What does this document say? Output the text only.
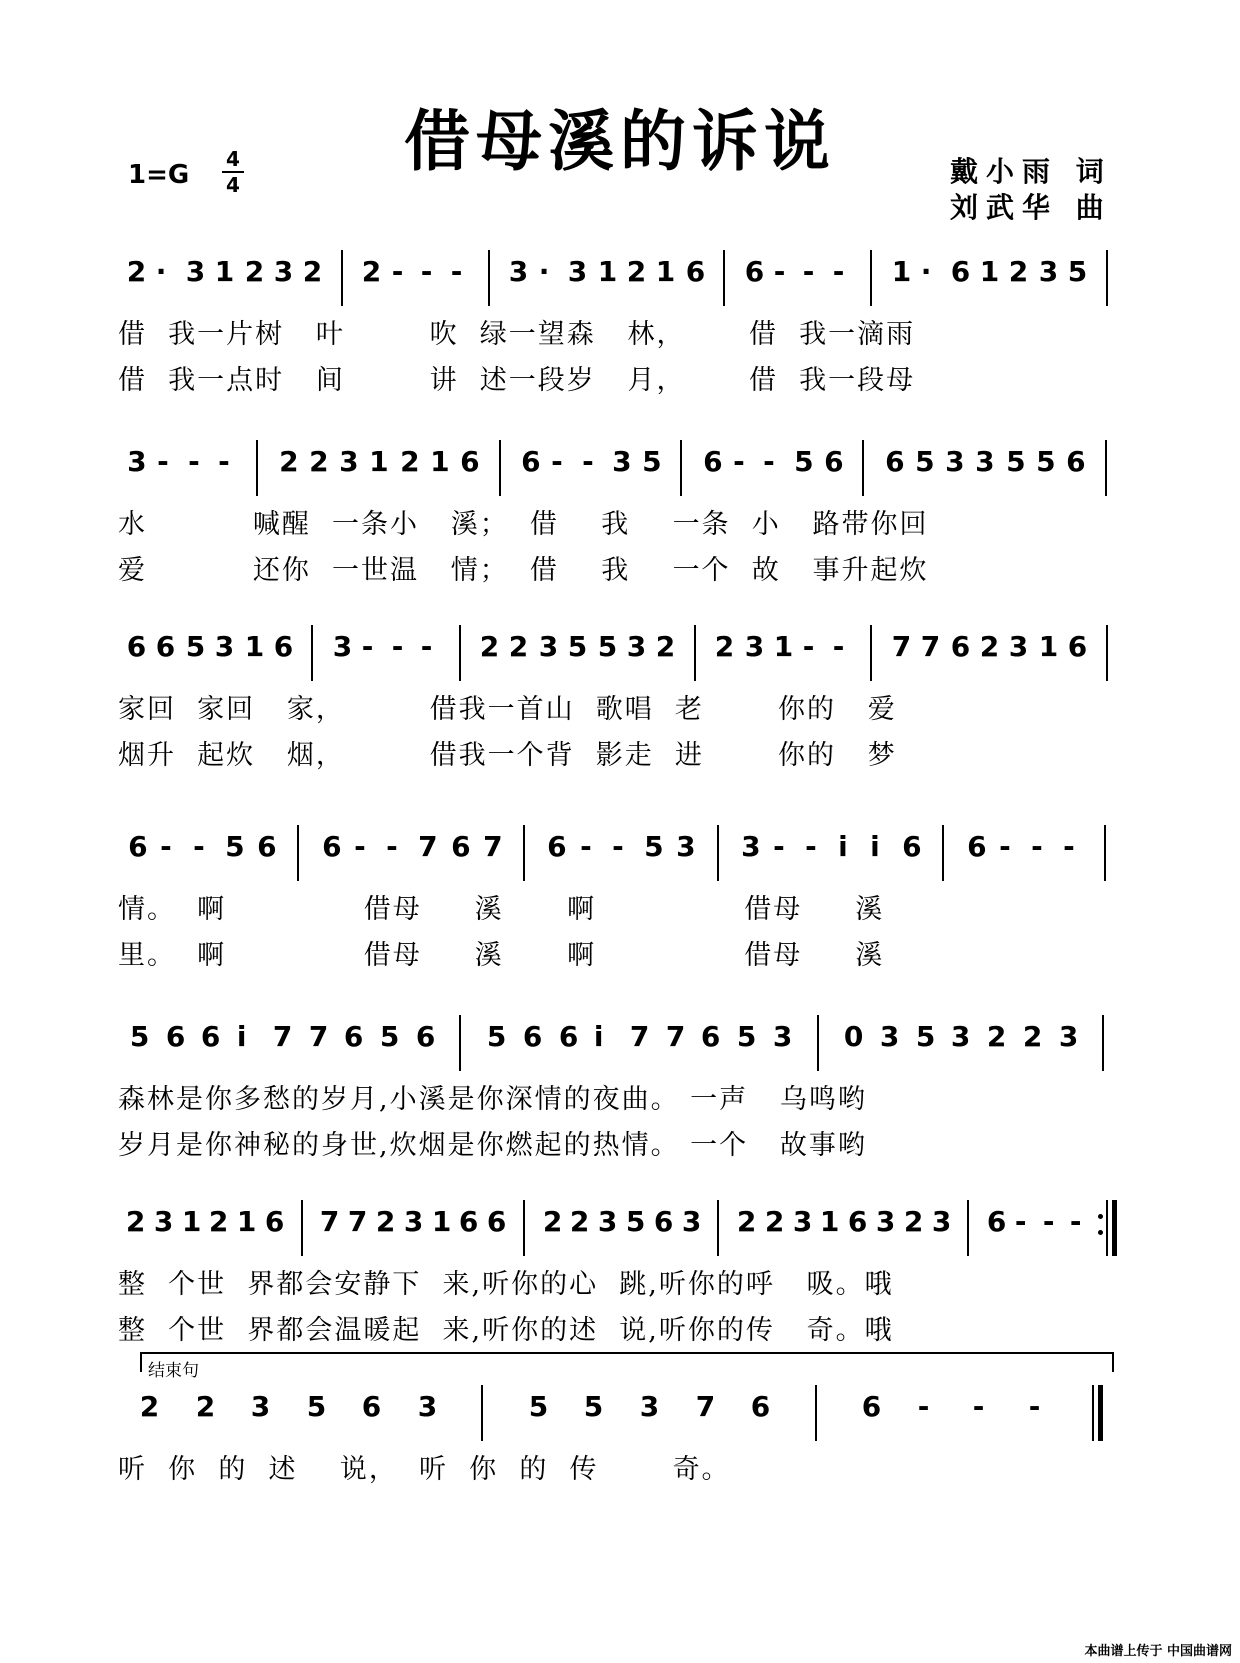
借母溪的诉说
1=G
4
4	戴小雨 词
刘武华 曲
2 · 3 1 2 3 2 2 - - - 3 · 3 1 2 1 6 6 - - - 1 · 6 1 2 3 5
借  我一片树   叶        吹  绿一望森   林，      借  我一滴雨
借  我一点时   间        讲  述一段岁   月，      借  我一段母
3 - - - 2 2 3 1 2 1 6 6 - - 3 5 6 - - 5 6 6 5 3 3 5 5 6
水          喊醒  一条小   溪；  借    我    一条  小   路带你回
爱          还你  一世温   情；  借    我    一个  故   事升起炊
6 6 5 3 1 6 3 - - - 2 2 3 5 5 3 2 2 3 1 - - 7 7 6 2 3 1 6
家回  家回   家，        借我一首山  歌唱  老       你的   爱
烟升  起炊   烟，        借我一个背  影走  进       你的   梦
6 - - 5 6 6 - - 7 6 7 6 - - 5 3 3 - - i i 6 6 - - -
情。  啊             借母     溪      啊              借母     溪
里。  啊             借母     溪      啊              借母     溪
5 6 6 i 7 7 6 5 6 5 6 6 i 7 7 6 5 3 0 3 5 3 2 2 3
森林是你多愁的岁月,小溪是你深情的夜曲。 一声   乌鸣哟
岁月是你神秘的身世,炊烟是你燃起的热情。 一个   故事哟
2 3 1 2 1 6 7 7 2 3 1 6 6 2 2 3 5 6 3 2 2 3 1 6 3 2 3 6 - - -
整  个世  界都会安静下  来,听你的心  跳,听你的呼   吸。哦
整  个世  界都会温暖起  来,听你的述  说,听你的传   奇。哦
2 2 3 5 6 3	5 5 3 7 6	6 - - -
听  你  的  述    说，  听  你  的  传       奇。
结束句
本曲谱上传于 中国曲谱网
